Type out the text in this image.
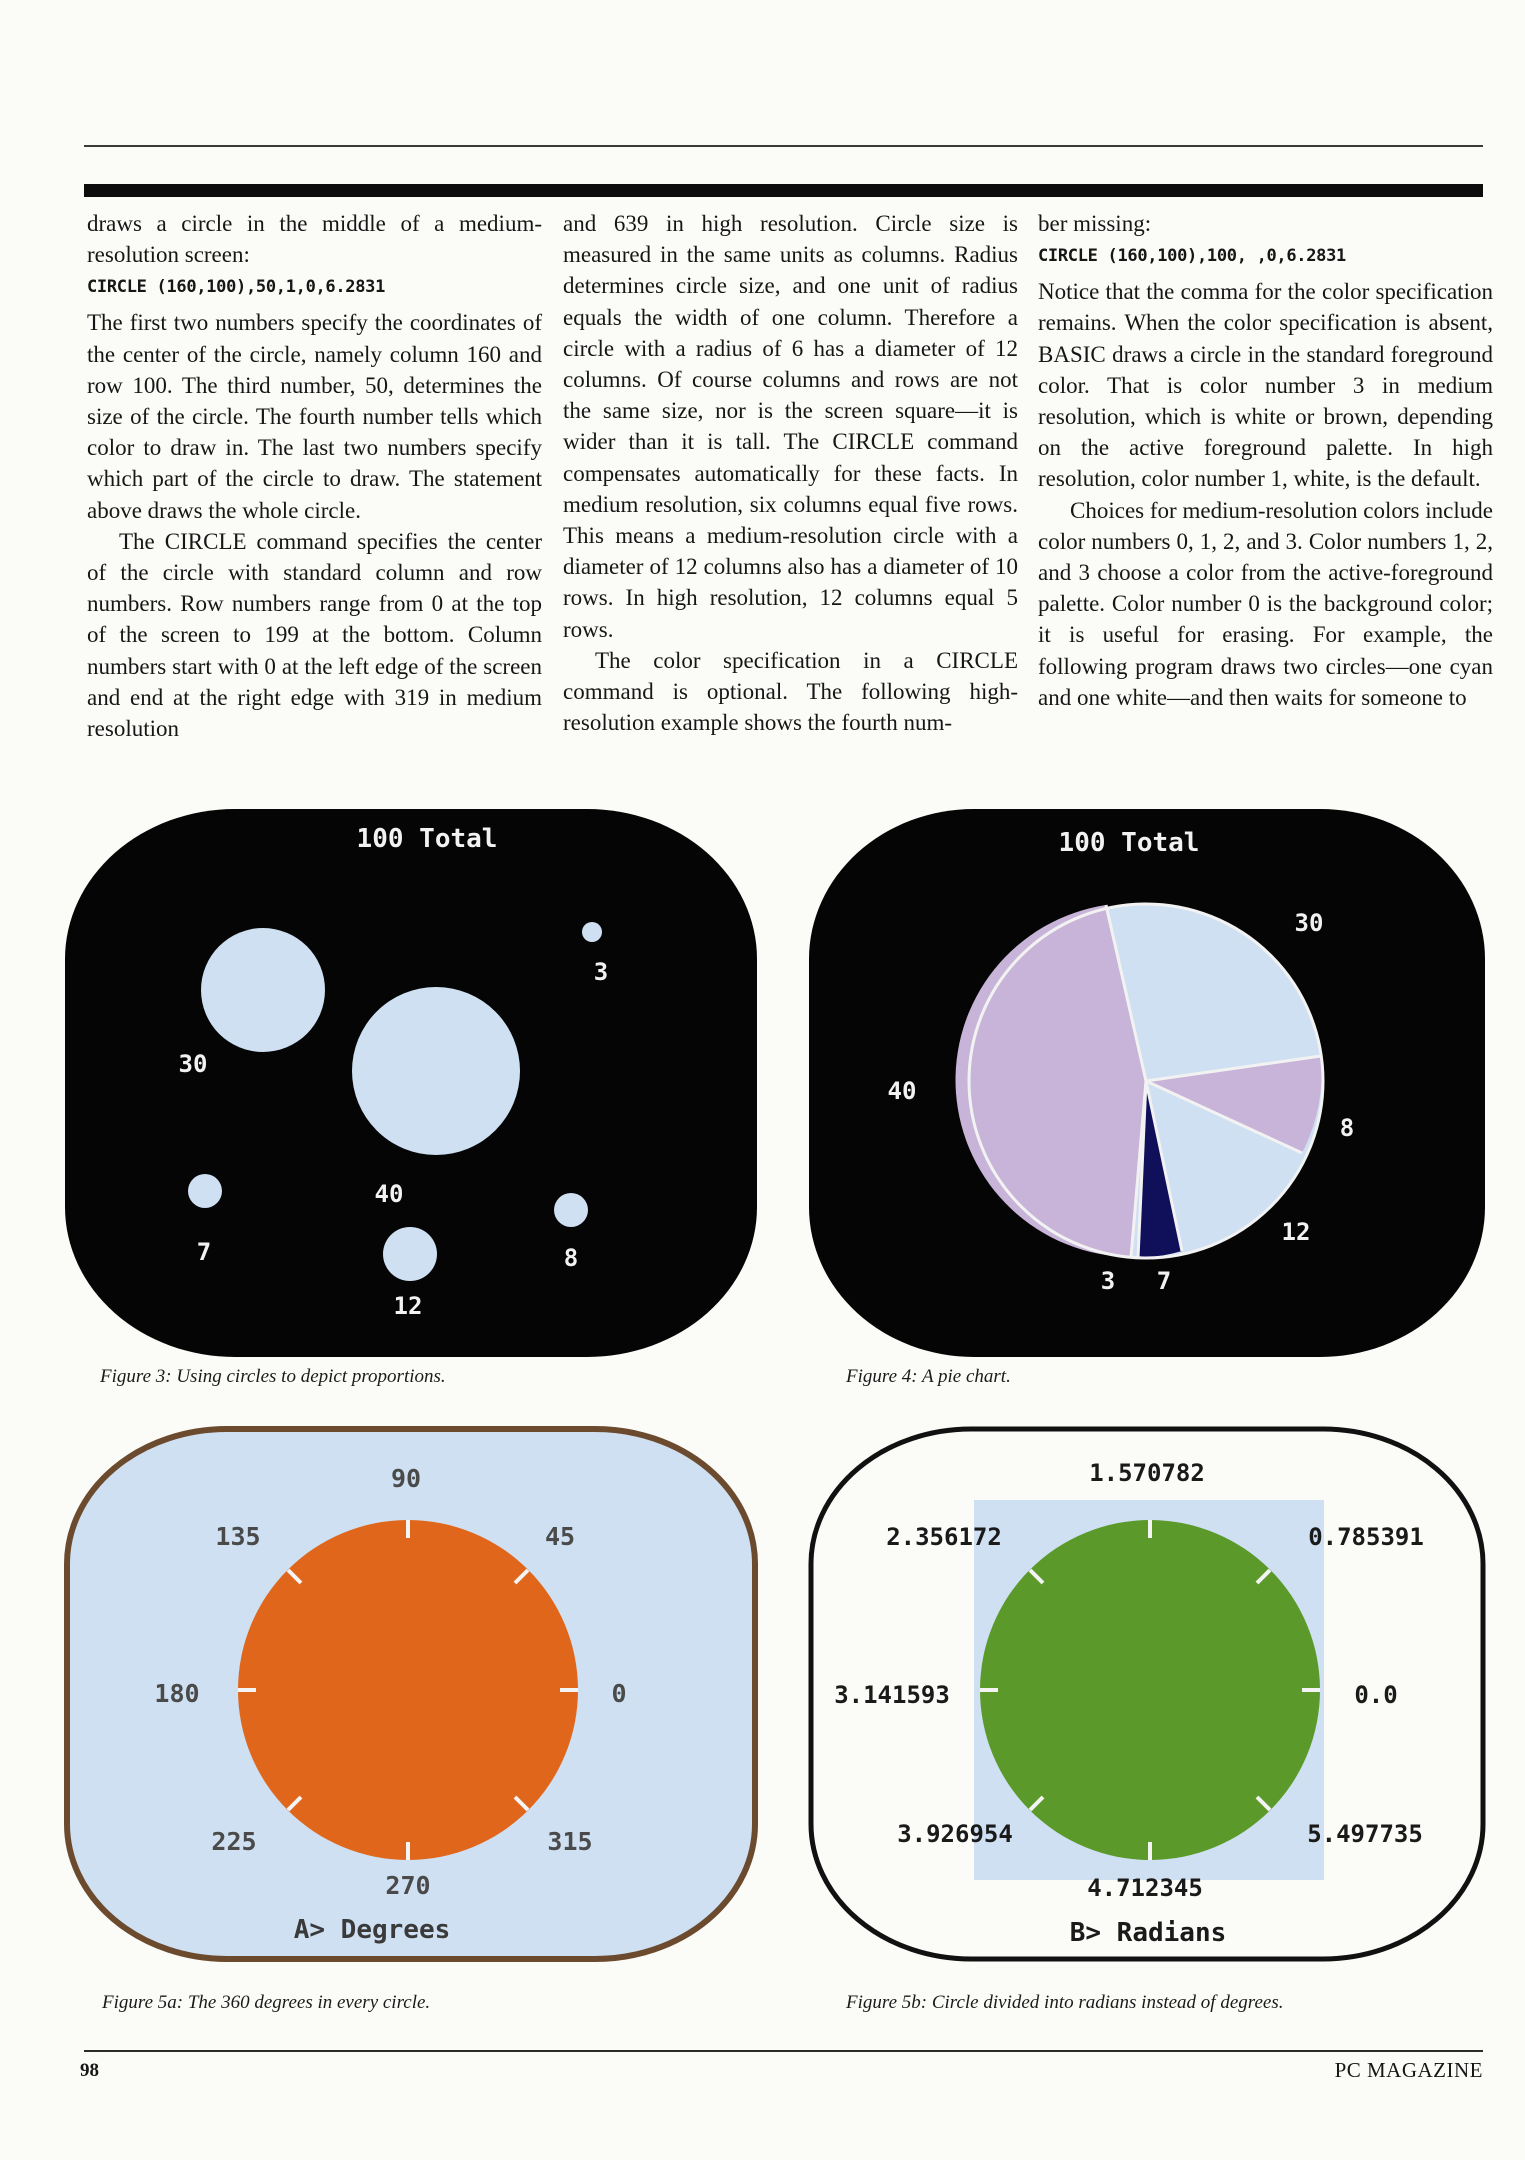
draws a circle in the middle of a medium-resolution screen:

CIRCLE (160,100),50,1,0,6.2831

The first two numbers specify the coordinates of the center of the circle, namely column 160 and row 100. The third number, 50, determines the size of the circle. The fourth number tells which color to draw in. The last two numbers specify which part of the circle to draw. The statement above draws the whole circle.

The CIRCLE command specifies the center of the circle with standard column and row numbers. Row numbers range from 0 at the top of the screen to 199 at the bottom. Column numbers start with 0 at the left edge of the screen and end at the right edge with 319 in medium resolution

and 639 in high resolution. Circle size is measured in the same units as columns. Radius determines circle size, and one unit of radius equals the width of one column. Therefore a circle with a radius of 6 has a diameter of 12 columns. Of course columns and rows are not the same size, nor is the screen square—it is wider than it is tall. The CIRCLE command compensates automatically for these facts. In medium resolution, six columns equal five rows. This means a medium-resolution circle with a diameter of 12 columns also has a diameter of 10 rows. In high resolution, 12 columns equal 5 rows.

The color specification in a CIRCLE command is optional. The following high-resolution example shows the fourth num-

ber missing:

CIRCLE (160,100),100, ,0,6.2831

Notice that the comma for the color specification remains. When the color specification is absent, BASIC draws a circle in the standard foreground color. That is color number 3 in medium resolution, which is white or brown, depending on the active foreground palette. In high resolution, color number 1, white, is the default.

Choices for medium-resolution colors include color numbers 0, 1, 2, and 3. Color numbers 1, 2, and 3 choose a color from the active-foreground palette. Color number 0 is the background color; it is useful for erasing. For example, the following program draws two circles—one cyan and one white—and then waits for someone to

100 Total
30
40
3
7
12
8
Figure 3: Using circles to depict proportions.
100 Total
30
40
8
12
3 7
Figure 4: A pie chart.
90
45
0
315
270
225
180
135
A> Degrees
Figure 5a: The 360 degrees in every circle.
1.570782
0.785391
0.0
5.497735
4.712345
3.926954
3.141593
2.356172
B> Radians
Figure 5b: Circle divided into radians instead of degrees.
98	PC MAGAZINE
